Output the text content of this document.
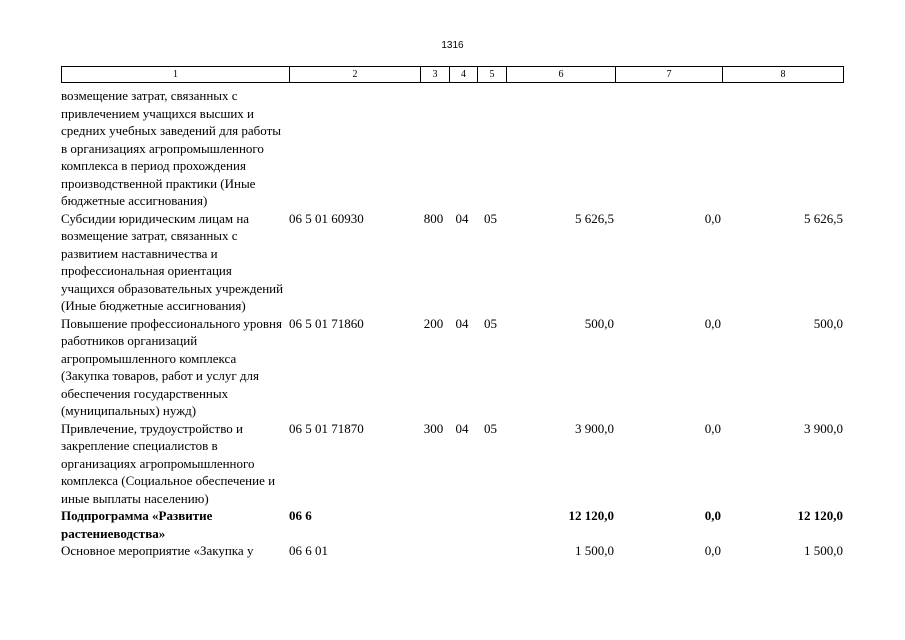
1316
1	2	3	4	5	6	7	8
возмещение затрат, связанных с привлечением учащихся высших и средних учебных заведений для работы в организациях агропромышленного комплекса в период прохождения производственной практики (Иные бюджетные ассигнования)							
Субсидии юридическим лицам на возмещение затрат, связанных с развитием наставничества и профессиональная ориентация учащихся образовательных учреждений (Иные бюджетные ассигнования)	06 5 01 60930	800	04	05	5 626,5	0,0	5 626,5
Повышение профессионального уровня работников организаций агропромышленного комплекса (Закупка товаров, работ и услуг для обеспечения государственных (муниципальных) нужд)	06 5 01 71860	200	04	05	500,0	0,0	500,0
Привлечение, трудоустройство и закрепление специалистов в организациях агропромышленного комплекса (Социальное обеспечение и иные выплаты населению)	06 5 01 71870	300	04	05	3 900,0	0,0	3 900,0
Подпрограмма «Развитие растениеводства»	06 6				12 120,0	0,0	12 120,0
Основное мероприятие «Закупка у	06 6 01				1 500,0	0,0	1 500,0
